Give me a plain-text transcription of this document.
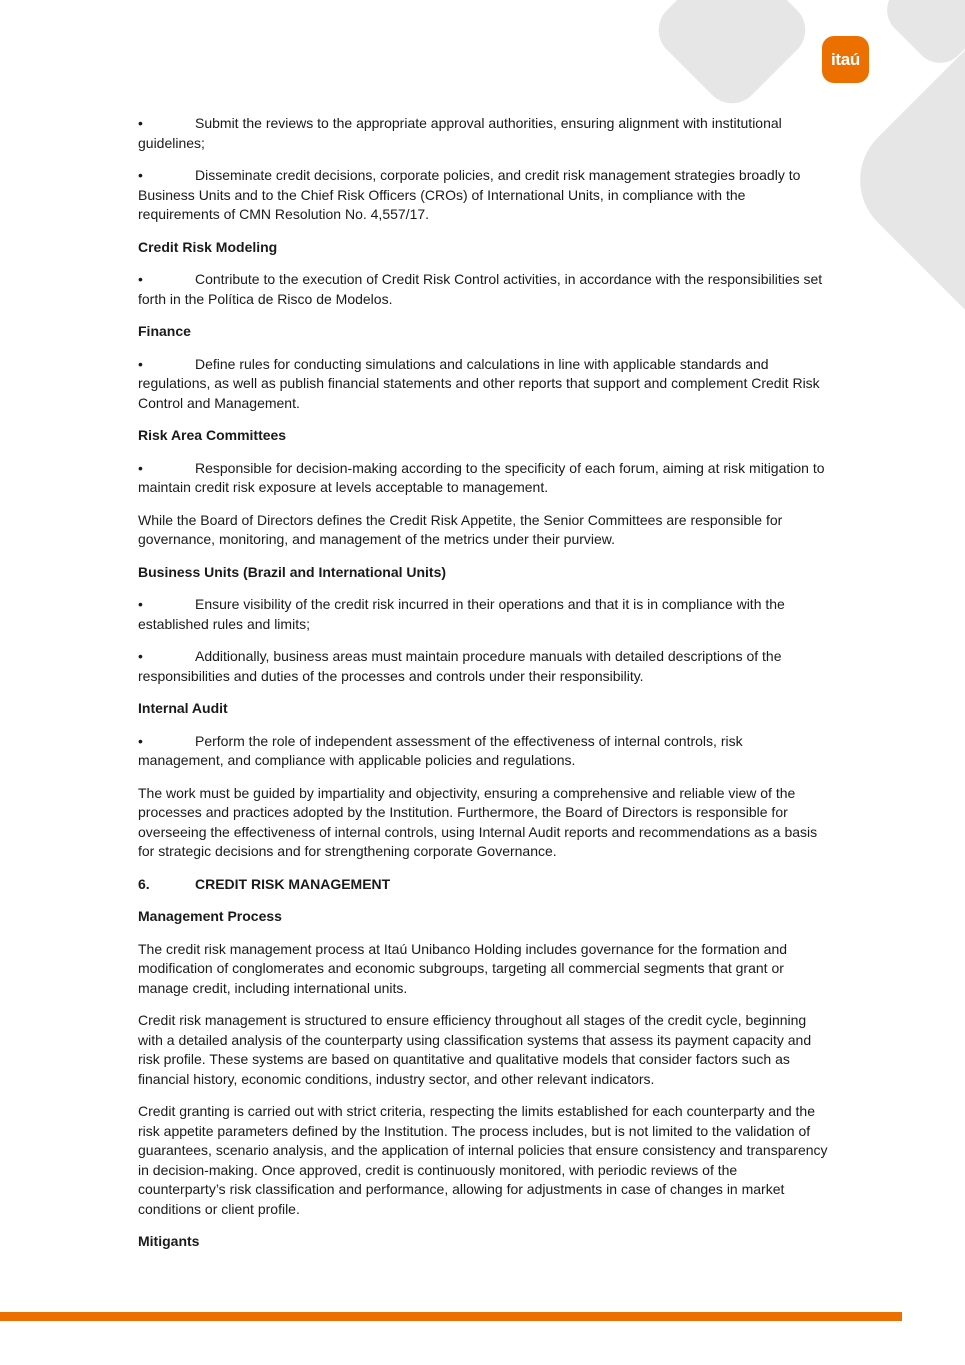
itaú

•	Submit the reviews to the appropriate approval authorities, ensuring alignment with institutional guidelines;

•	Disseminate credit decisions, corporate policies, and credit risk management strategies broadly to Business Units and to the Chief Risk Officers (CROs) of International Units, in compliance with the requirements of CMN Resolution No. 4,557/17.

Credit Risk Modeling

•	Contribute to the execution of Credit Risk Control activities, in accordance with the responsibilities set forth in the Política de Risco de Modelos.

Finance

•	Define rules for conducting simulations and calculations in line with applicable standards and regulations, as well as publish financial statements and other reports that support and complement Credit Risk Control and Management.

Risk Area Committees

•	Responsible for decision-making according to the specificity of each forum, aiming at risk mitigation to maintain credit risk exposure at levels acceptable to management.

While the Board of Directors defines the Credit Risk Appetite, the Senior Committees are responsible for governance, monitoring, and management of the metrics under their purview.

Business Units (Brazil and International Units)

•	Ensure visibility of the credit risk incurred in their operations and that it is in compliance with the established rules and limits;

•	Additionally, business areas must maintain procedure manuals with detailed descriptions of the responsibilities and duties of the processes and controls under their responsibility.

Internal Audit

•	Perform the role of independent assessment of the effectiveness of internal controls, risk management, and compliance with applicable policies and regulations.

The work must be guided by impartiality and objectivity, ensuring a comprehensive and reliable view of the processes and practices adopted by the Institution. Furthermore, the Board of Directors is responsible for overseeing the effectiveness of internal controls, using Internal Audit reports and recommendations as a basis for strategic decisions and for strengthening corporate Governance.

6.	CREDIT RISK MANAGEMENT

Management Process

The credit risk management process at Itaú Unibanco Holding includes governance for the formation and modification of conglomerates and economic subgroups, targeting all commercial segments that grant or manage credit, including international units.

Credit risk management is structured to ensure efficiency throughout all stages of the credit cycle, beginning with a detailed analysis of the counterparty using classification systems that assess its payment capacity and risk profile. These systems are based on quantitative and qualitative models that consider factors such as financial history, economic conditions, industry sector, and other relevant indicators.

Credit granting is carried out with strict criteria, respecting the limits established for each counterparty and the risk appetite parameters defined by the Institution. The process includes, but is not limited to the validation of guarantees, scenario analysis, and the application of internal policies that ensure consistency and transparency in decision-making. Once approved, credit is continuously monitored, with periodic reviews of the counterparty’s risk classification and performance, allowing for adjustments in case of changes in market conditions or client profile.

Mitigants
